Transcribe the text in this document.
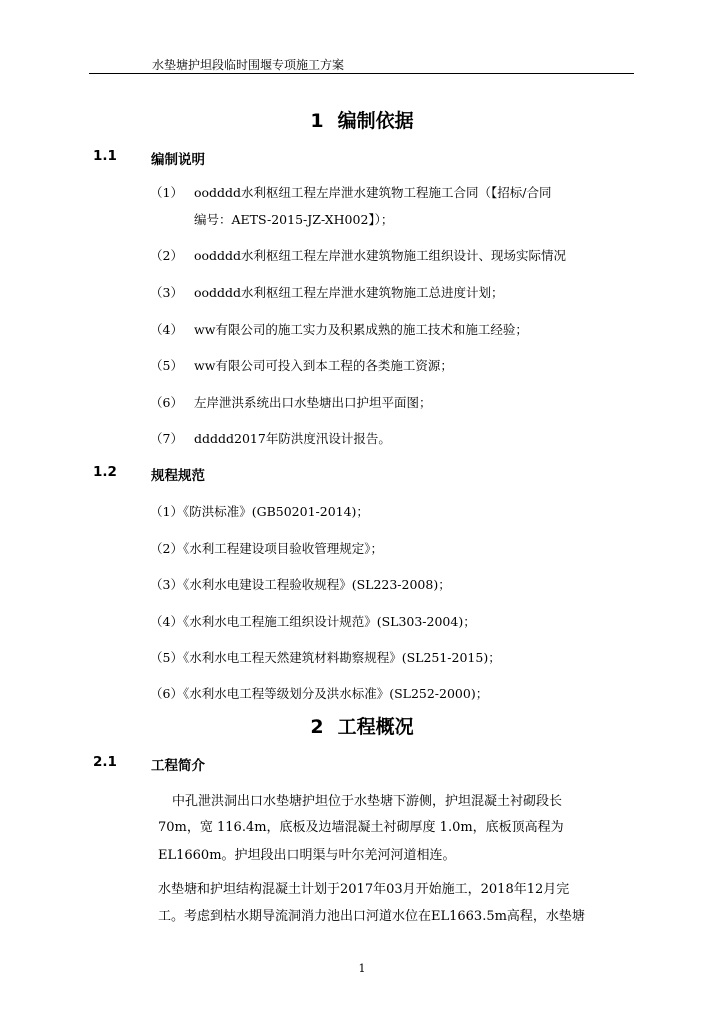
水垫塘护坦段临时围堰专项施工方案
1 编制依据
1.1	编制说明
（1） oodddd水利枢纽工程左岸泄水建筑物工程施工合同（【招标/合同
编号：AETS-2015-JZ-XH002】）；
（2） oodddd水利枢纽工程左岸泄水建筑物施工组织设计、现场实际情况
（3） oodddd水利枢纽工程左岸泄水建筑物施工总进度计划；
（4） ww有限公司的施工实力及积累成熟的施工技术和施工经验；
（5） ww有限公司可投入到本工程的各类施工资源；
（6） 左岸泄洪系统出口水垫塘出口护坦平面图；
（7） ddddd2017年防洪度汛设计报告。
1.2	规程规范
（1）《防洪标准》(GB50201-2014)；
（2）《水利工程建设项目验收管理规定》；
（3）《水利水电建设工程验收规程》(SL223-2008)；
（4）《水利水电工程施工组织设计规范》(SL303-2004)；
（5）《水利水电工程天然建筑材料勘察规程》(SL251-2015)；
（6）《水利水电工程等级划分及洪水标准》(SL252-2000)；
2 工程概况
2.1	工程简介
中孔泄洪洞出口水垫塘护坦位于水垫塘下游侧，护坦混凝土衬砌段长
70m，宽 116.4m，底板及边墙混凝土衬砌厚度 1.0m，底板顶高程为
EL1660m。护坦段出口明渠与叶尔羌河河道相连。
水垫塘和护坦结构混凝土计划于2017年03月开始施工，2018年12月完
工。考虑到枯水期导流洞消力池出口河道水位在EL1663.5m高程，水垫塘
1
